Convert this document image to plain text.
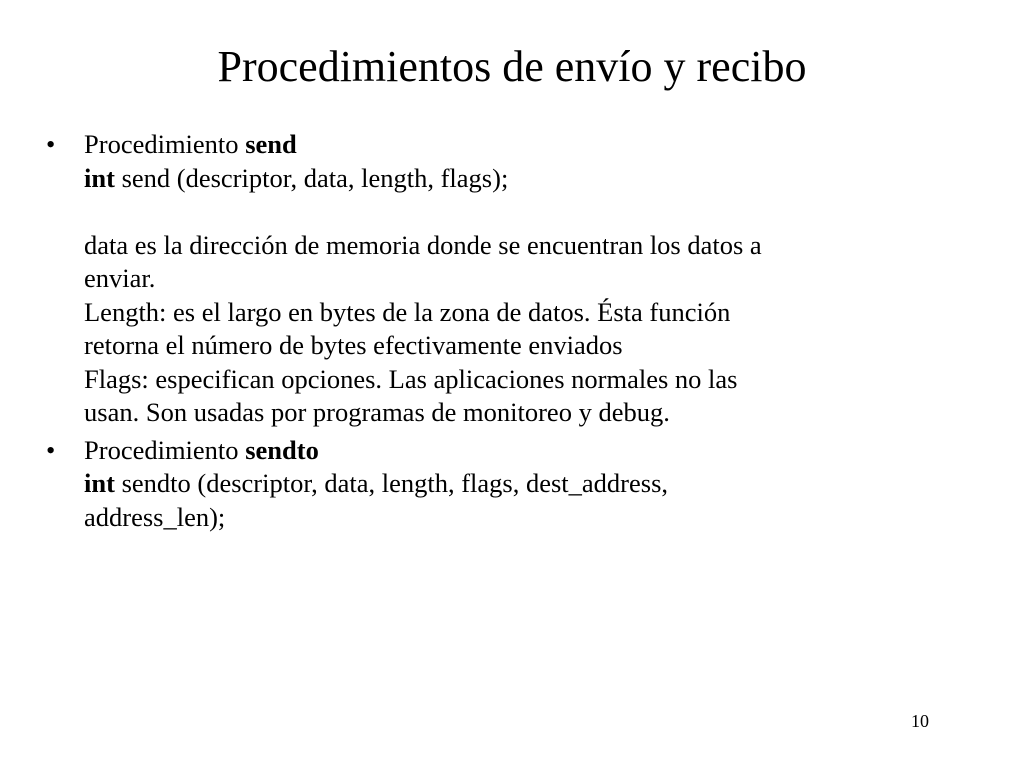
Procedimientos de envío y recibo
• Procedimiento send
int send (descriptor, data, length, flags);
data es la dirección de memoria donde se encuentran los datos a
enviar.
Length: es el largo en bytes de la zona de datos. Ésta función
retorna el número de bytes efectivamente enviados
Flags: especifican opciones. Las aplicaciones normales no las
usan. Son usadas por programas de monitoreo y debug.
• Procedimiento sendto
int sendto (descriptor, data, length, flags, dest_address,
address_len);
10
